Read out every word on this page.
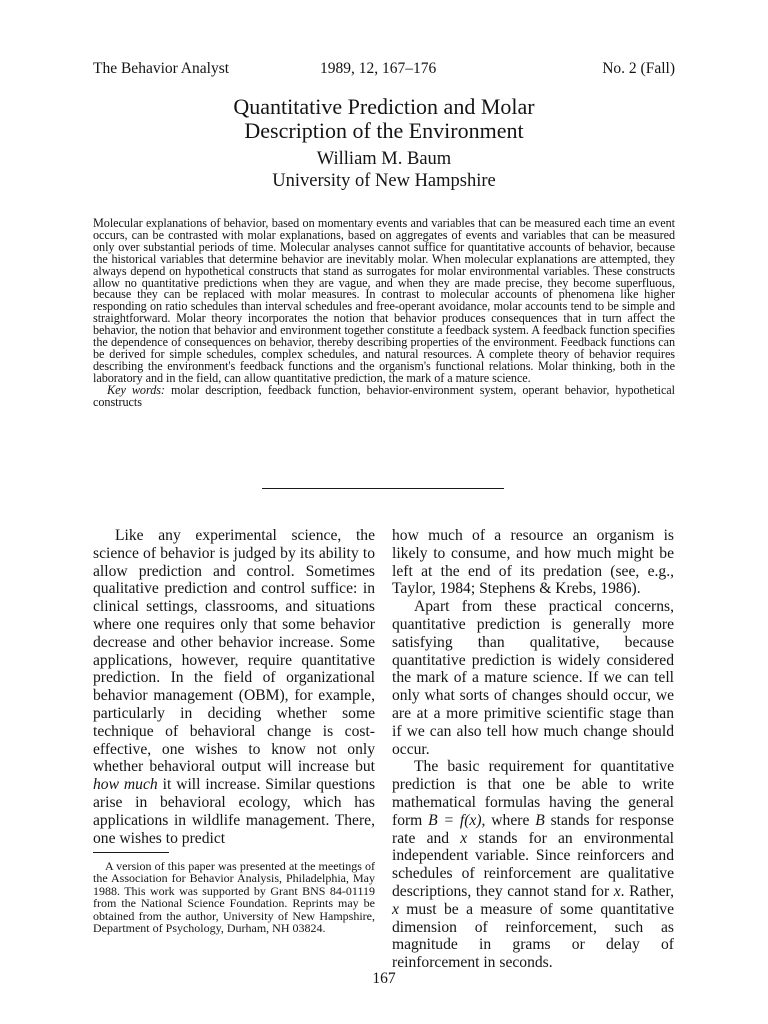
The Behavior Analyst	1989, 12, 167–176	No. 2 (Fall)
Quantitative Prediction and Molar
Description of the Environment
William M. Baum
University of New Hampshire

Molecular explanations of behavior, based on momentary events and variables that can be measured each time an event occurs, can be contrasted with molar explanations, based on aggregates of events and variables that can be measured only over substantial periods of time. Molecular analyses cannot suffice for quantitative accounts of behavior, because the historical variables that determine behavior are inevitably molar. When molecular explanations are attempted, they always depend on hypothetical constructs that stand as surrogates for molar environmental variables. These constructs allow no quantitative predictions when they are vague, and when they are made precise, they become superfluous, because they can be replaced with molar measures. In contrast to molecular accounts of phenomena like higher responding on ratio schedules than interval schedules and free-operant avoidance, molar accounts tend to be simple and straightforward. Molar theory incorporates the notion that behavior produces consequences that in turn affect the behavior, the notion that behavior and environment together constitute a feedback system. A feedback function specifies the dependence of consequences on behavior, thereby describing properties of the environment. Feedback functions can be derived for simple schedules, complex schedules, and natural resources. A complete theory of behavior requires describing the environment's feedback functions and the organism's functional relations. Molar thinking, both in the laboratory and in the field, can allow quantitative prediction, the mark of a mature science.

Key words: molar description, feedback function, behavior-environment system, operant behavior, hypothetical constructs

Like any experimental science, the science of behavior is judged by its ability to allow prediction and control. Sometimes qualitative prediction and control suffice: in clinical settings, classrooms, and situations where one requires only that some behavior decrease and other behavior increase. Some applications, however, require quantitative prediction. In the field of organizational behavior management (OBM), for example, particularly in deciding whether some technique of behavioral change is cost-effective, one wishes to know not only whether behavioral output will increase but how much it will increase. Similar questions arise in behavioral ecology, which has applications in wildlife management. There, one wishes to predict

how much of a resource an organism is likely to consume, and how much might be left at the end of its predation (see, e.g., Taylor, 1984; Stephens & Krebs, 1986).

Apart from these practical concerns, quantitative prediction is generally more satisfying than qualitative, because quantitative prediction is widely considered the mark of a mature science. If we can tell only what sorts of changes should occur, we are at a more primitive scientific stage than if we can also tell how much change should occur.

The basic requirement for quantitative prediction is that one be able to write mathematical formulas having the general form B = f(x), where B stands for response rate and x stands for an environmental independent variable. Since reinforcers and schedules of reinforcement are qualitative descriptions, they cannot stand for x. Rather, x must be a measure of some quantitative dimension of reinforcement, such as magnitude in grams or delay of reinforcement in seconds.

A version of this paper was presented at the meetings of the Association for Behavior Analysis, Philadelphia, May 1988. This work was supported by Grant BNS 84-01119 from the National Science Foundation. Reprints may be obtained from the author, University of New Hampshire, Department of Psychology, Durham, NH 03824.
167
